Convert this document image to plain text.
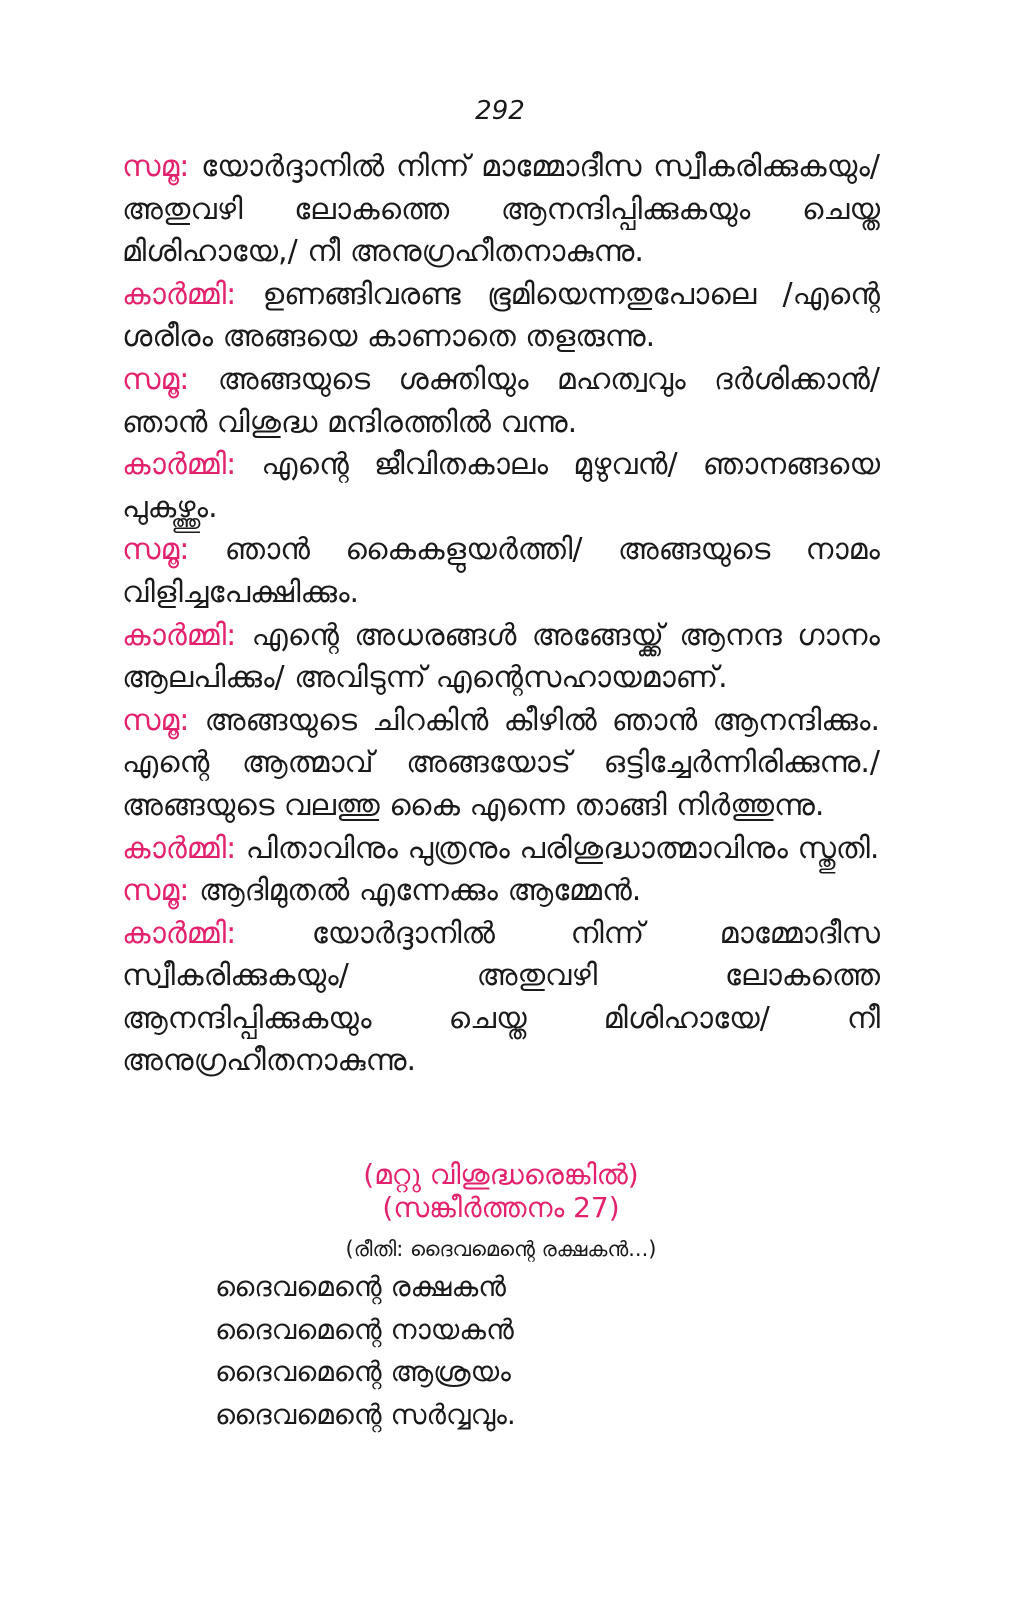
292

സമൂ: യോർദ്ദാനിൽ നിന്ന് മാമ്മോദീസ സ്വീകരിക്കുകയും/ അതുവഴി ലോകത്തെ ആനന്ദിപ്പിക്കുകയും ചെയ്ത മിശിഹായേ,/ നീ അനുഗ്രഹീതനാകുന്നു.

കാർമ്മി: ഉണങ്ങിവരണ്ട ഭൂമിയെന്നതുപോലെ /എന്റെ ശരീരം അങ്ങയെ കാണാതെ തളരുന്നു.

സമൂ: അങ്ങയുടെ ശക്തിയും മഹത്വവും ദർശിക്കാൻ/ ഞാൻ വിശുദ്ധ മന്ദിരത്തിൽ വന്നു.

കാർമ്മി: എന്റെ ജീവിതകാലം മുഴുവൻ/ ഞാനങ്ങയെ പുകഴ്ത്തും.

സമൂ: ഞാൻ കൈകളുയർത്തി/ അങ്ങയുടെ നാമം വിളിച്ചപേക്ഷിക്കും.

കാർമ്മി: എന്റെ അധരങ്ങൾ അങ്ങേയ്ക്ക് ആനന്ദ ഗാനം ആലപിക്കും/ അവിടുന്ന് എന്റെസഹായമാണ്.

സമൂ: അങ്ങയുടെ ചിറകിൻ കീഴിൽ ഞാൻ ആനന്ദിക്കും. എന്റെ ആത്മാവ് അങ്ങയോട് ഒട്ടിച്ചേർന്നിരിക്കുന്നു./ അങ്ങയുടെ വലത്തു കൈ എന്നെ താങ്ങി നിർത്തുന്നു.

കാർമ്മി: പിതാവിനും പുത്രനും പരിശുദ്ധാത്മാവിനും സ്തുതി.

സമൂ: ആദിമുതൽ എന്നേക്കും ആമ്മേൻ.

കാർമ്മി: യോർദ്ദാനിൽ നിന്ന് മാമ്മോദീസ സ്വീകരിക്കുകയും/ അതുവഴി ലോകത്തെ ആനന്ദിപ്പിക്കുകയും ചെയ്ത മിശിഹായേ/ നീ അനുഗ്രഹീതനാകുന്നു.

(മറ്റു വിശുദ്ധരെങ്കിൽ)
(സങ്കീർത്തനം 27)
(രീതി: ദൈവമെന്റെ രക്ഷകൻ...)
ദൈവമെന്റെ രക്ഷകൻ
ദൈവമെന്റെ നായകൻ
ദൈവമെന്റെ ആശ്രയം
ദൈവമെന്റെ സർവ്വവും.
